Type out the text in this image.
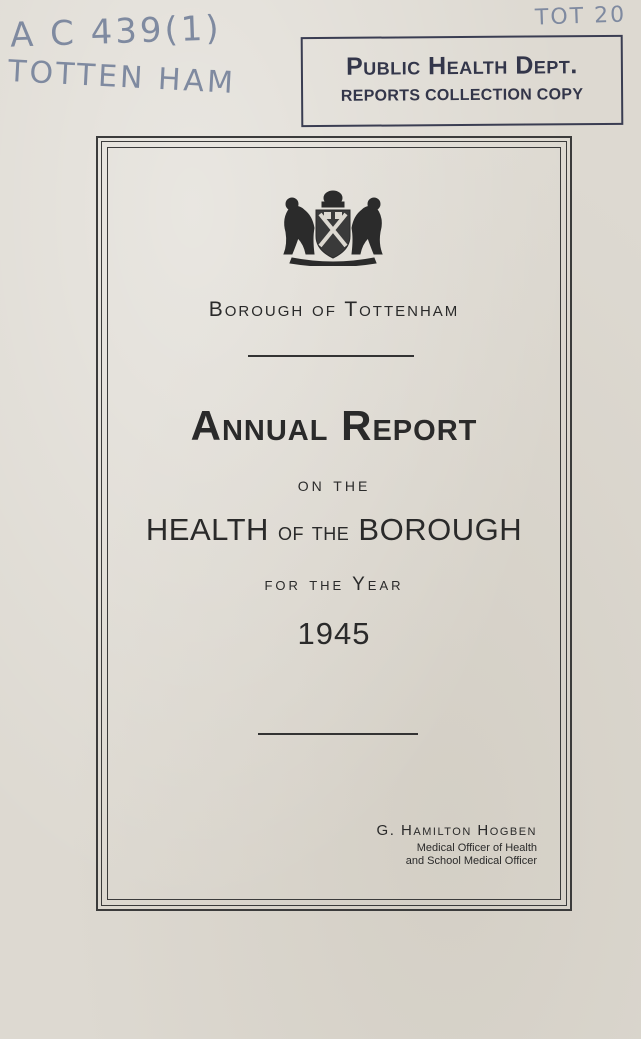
A C 439(1)
TOTTEN HAM
TOT 20
Public Health Dept.
REPORTS COLLECTION COPY
Borough of Tottenham
Annual Report
on the
HEALTH of the BOROUGH
for the Year
1945
G. Hamilton Hogben
Medical Officer of Health
and School Medical Officer
